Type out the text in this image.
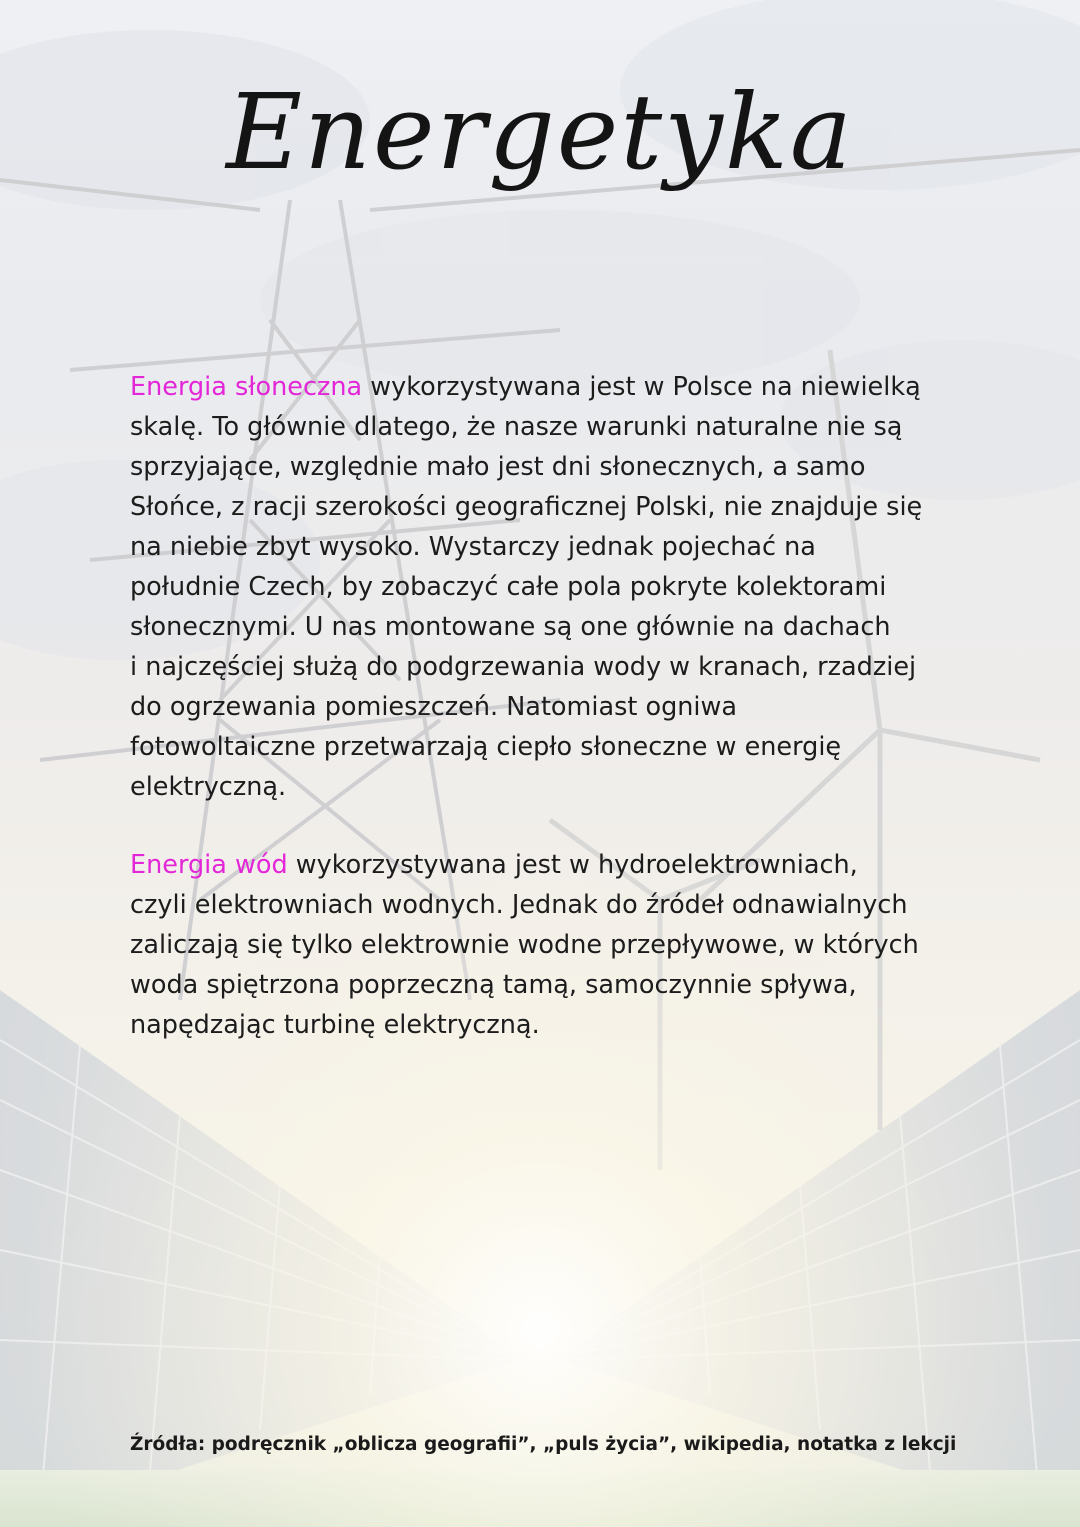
Energetyka
Energia słoneczna wykorzystywana jest w Polsce na niewielką
skalę. To głównie dlatego, że nasze warunki naturalne nie są
sprzyjające, względnie mało jest dni słonecznych, a samo
Słońce, z racji szerokości geograficznej Polski, nie znajduje się
na niebie zbyt wysoko. Wystarczy jednak pojechać na
południe Czech, by zobaczyć całe pola pokryte kolektorami
słonecznymi. U nas montowane są one głównie na dachach
i najczęściej służą do podgrzewania wody w kranach, rzadziej
do ogrzewania pomieszczeń. Natomiast ogniwa
fotowoltaiczne przetwarzają ciepło słoneczne w energię
elektryczną.
Energia wód wykorzystywana jest w hydroelektrowniach,
czyli elektrowniach wodnych. Jednak do źródeł odnawialnych
zaliczają się tylko elektrownie wodne przepływowe, w których
woda spiętrzona poprzeczną tamą, samoczynnie spływa,
napędzając turbinę elektryczną.
Źródła: podręcznik „oblicza geografii”, „puls życia”, wikipedia, notatka z lekcji
